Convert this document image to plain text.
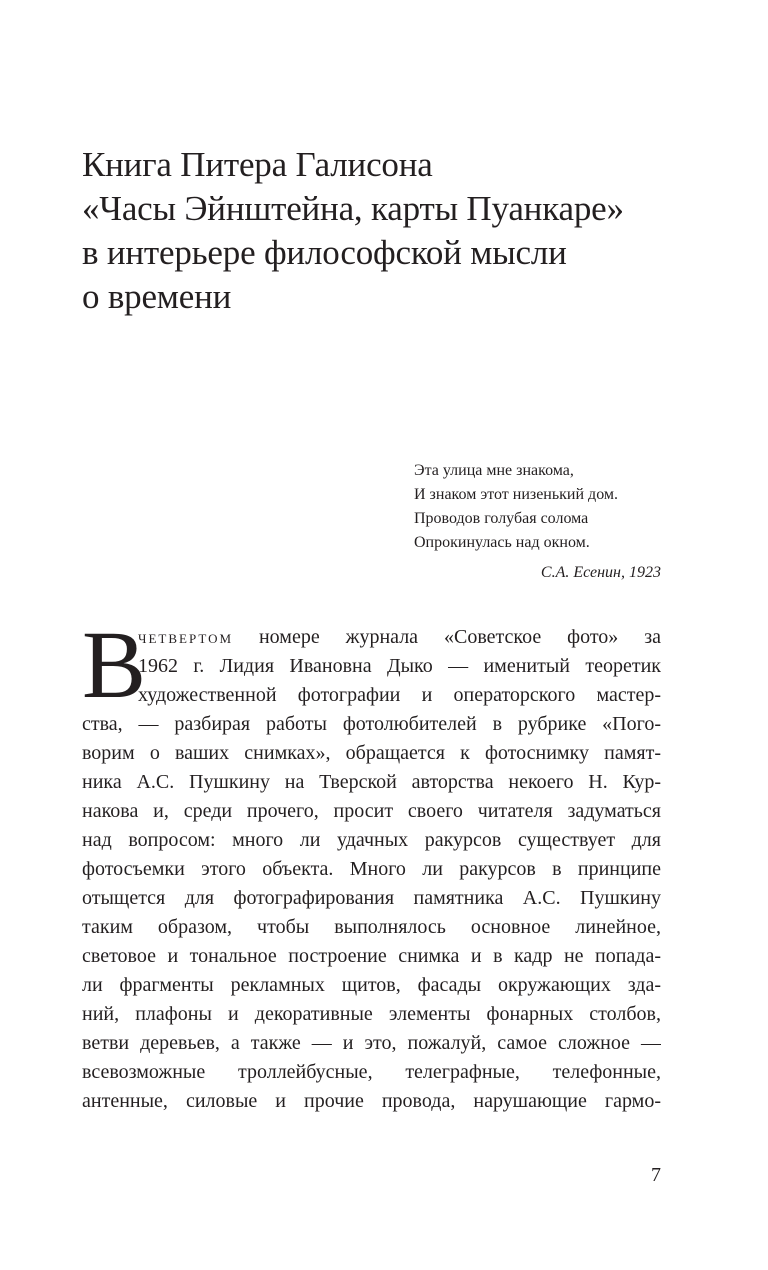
Книга Питера Галисона
«Часы Эйнштейна, карты Пуанкаре»
в интерьере философской мысли
о времени
Эта улица мне знакома,
И знаком этот низенький дом.
Проводов голубая солома
Опрокинулась над окном.
С.А. Есенин, 1923
В
четвертом номере журнала «Советское фото» за
1962 г. Лидия Ивановна Дыко — именитый теоретик
художественной фотографии и операторского мастер-
ства, — разбирая работы фотолюбителей в рубрике «Пого-
ворим о ваших снимках», обращается к фотоснимку памят-
ника А.С. Пушкину на Тверской авторства некоего Н. Кур-
накова и, среди прочего, просит своего читателя задуматься
над вопросом: много ли удачных ракурсов существует для
фотосъемки этого объекта. Много ли ракурсов в принципе
отыщется для фотографирования памятника А.С. Пушкину
таким образом, чтобы выполнялось основное линейное,
световое и тональное построение снимка и в кадр не попада-
ли фрагменты рекламных щитов, фасады окружающих зда-
ний, плафоны и декоративные элементы фонарных столбов,
ветви деревьев, а также — и это, пожалуй, самое сложное —
всевозможные троллейбусные, телеграфные, телефонные,
антенные, силовые и прочие провода, нарушающие гармо-
7
